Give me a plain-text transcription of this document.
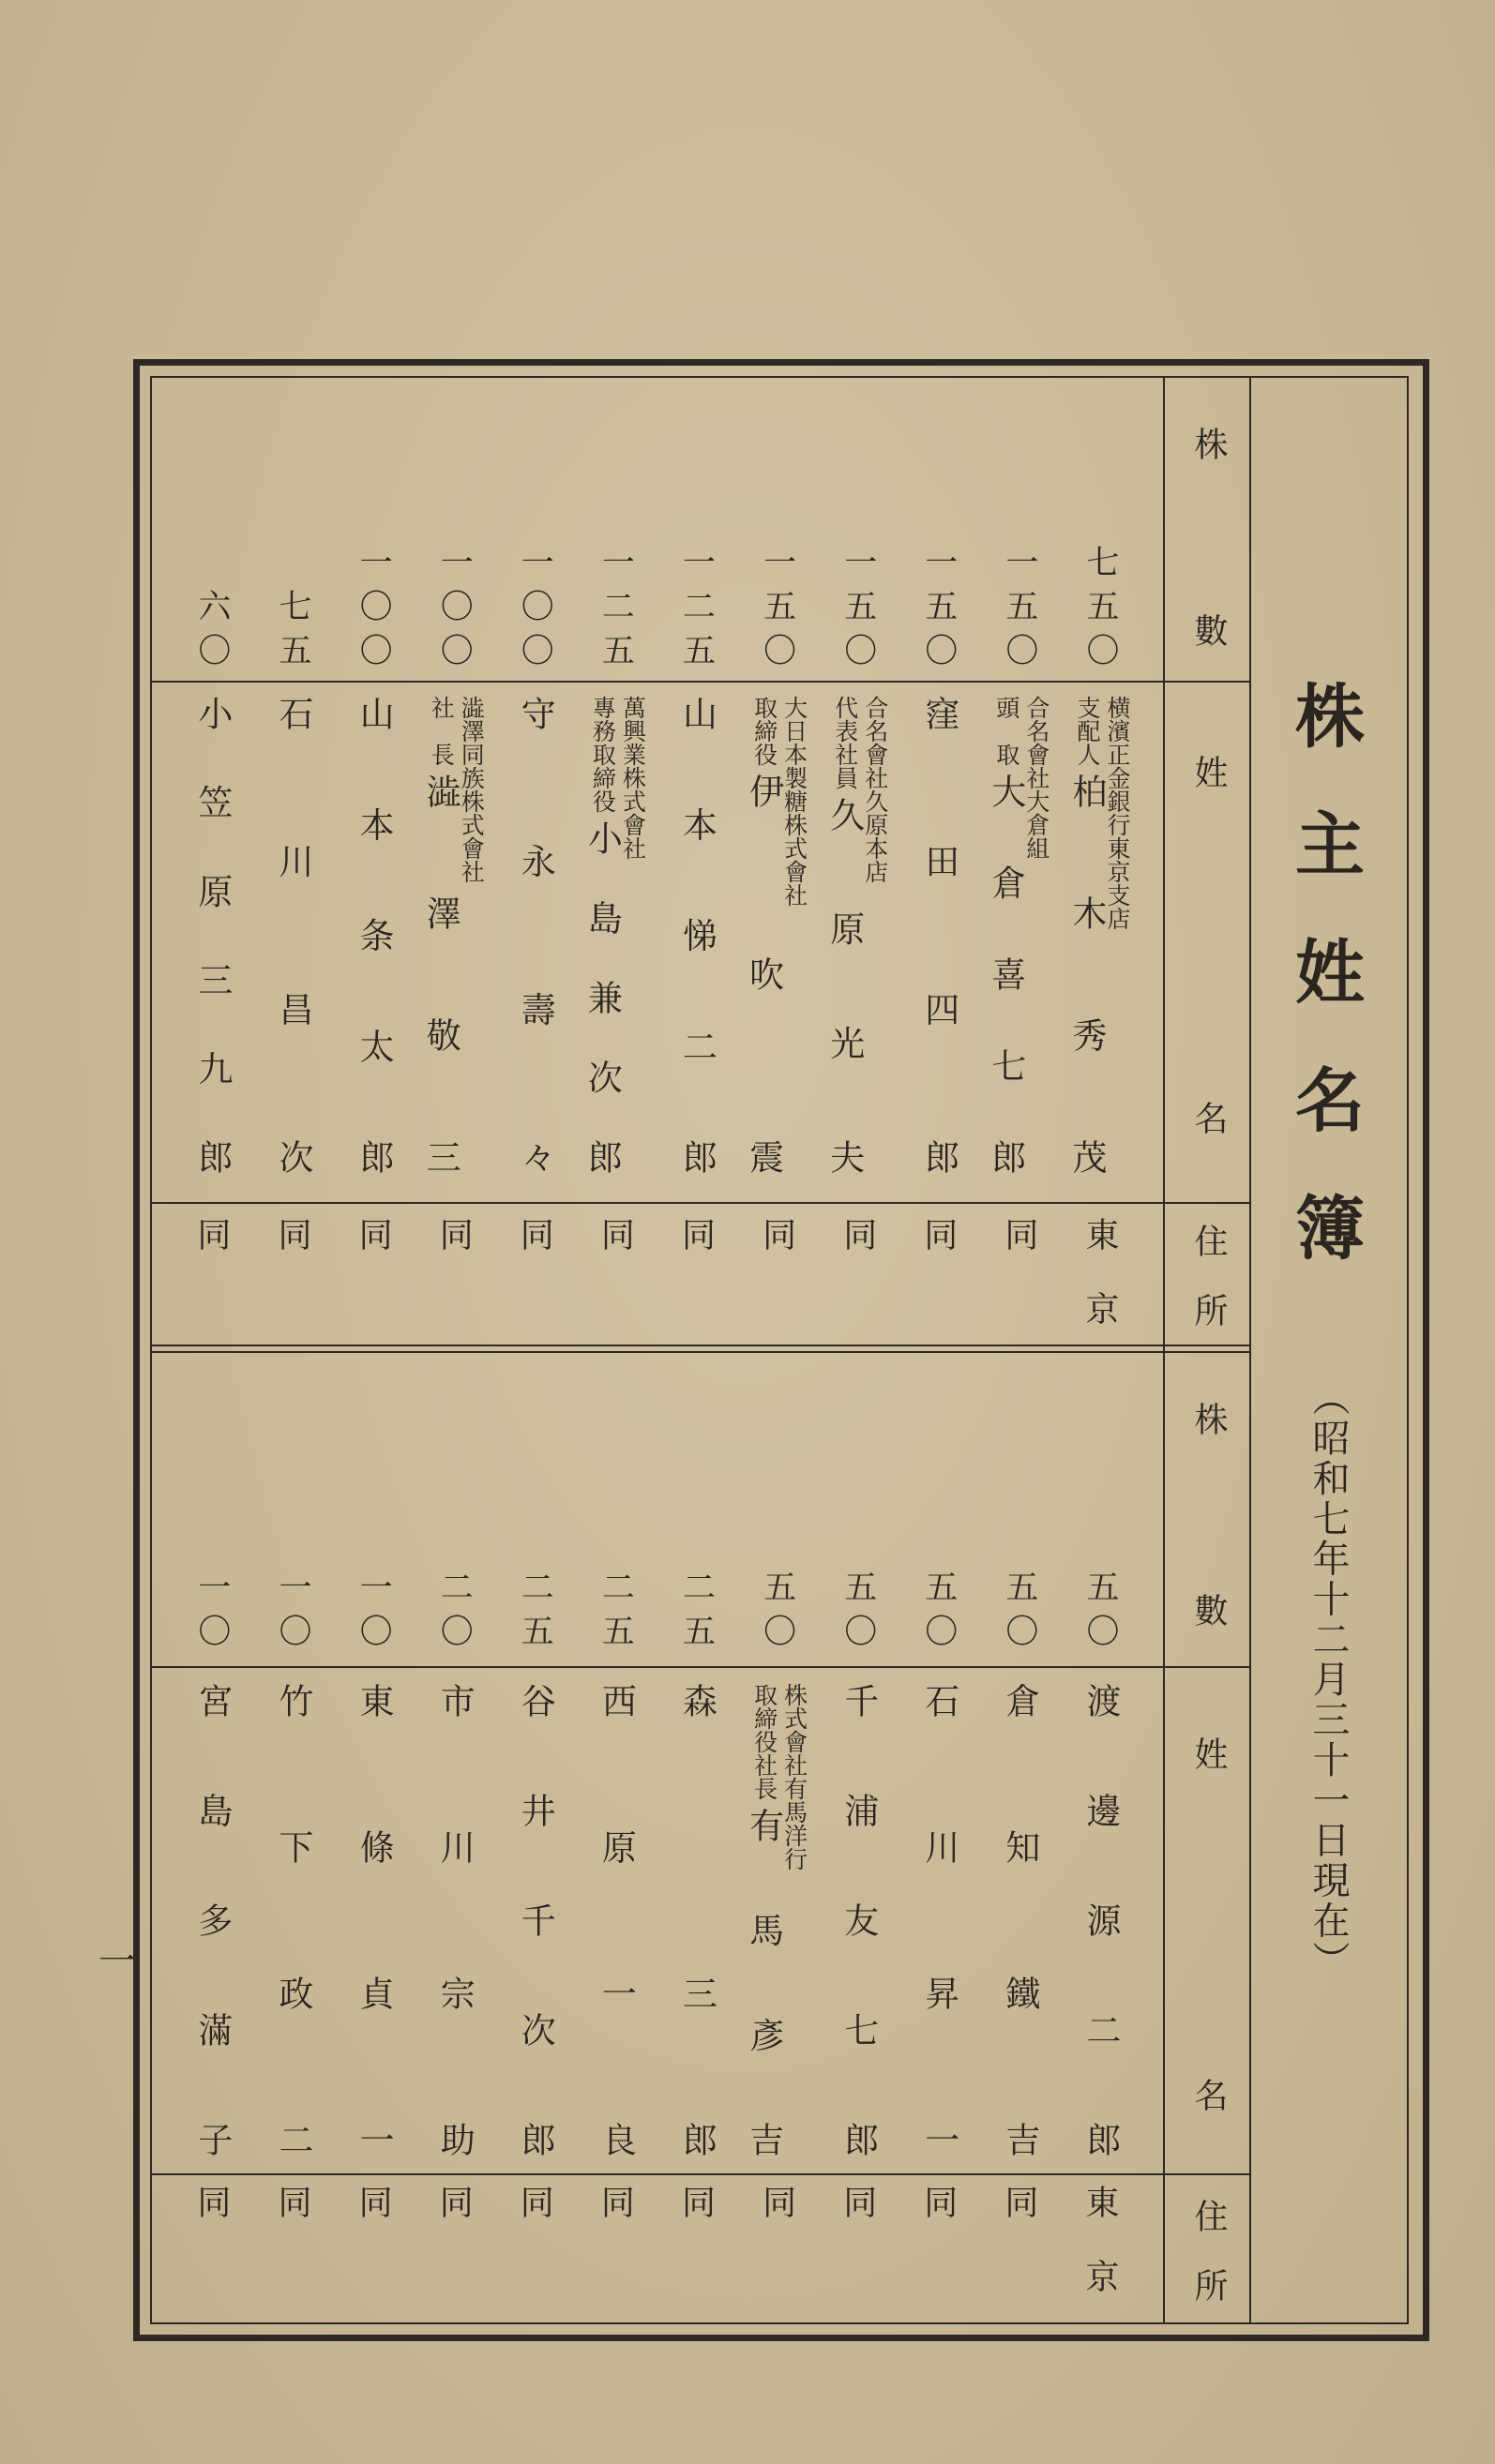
株主姓名簿
（昭和七年十二月三十一日現在）
株數
姓名
住所
株數
姓名
住所
一
七五〇
横濱正金銀行東京支店
支配人
柏木秀茂
東京
一五〇
合名會社大倉組
頭　取
大倉喜七郎
同
一五〇
窪田四郎
同
一五〇
合名會社久原本店
代表社員
久原光夫
同
一五〇
大日本製糖株式會社
取締役
伊吹震
同
一二五
山本悌二郎
同
一二五
萬興業株式會社
專務取締役
小島兼次郎
同
一〇〇
守永壽々
同
一〇〇
澁澤同族株式會社
社　長
澁澤敬三
同
一〇〇
山本条太郎
同
七五
石川昌次
同
六〇
小笠原三九郎
同
五〇
渡邊源二郎
東京
五〇
倉知鐵吉
同
五〇
石川昇一
同
五〇
千浦友七郎
同
五〇
株式會社有馬洋行
取締役社長
有馬彥吉
同
二五
森　三郎
同
二五
西原一良
同
二五
谷井千次郎
同
二〇
市川宗助
同
一〇
東條貞一
同
一〇
竹下政二
同
一〇
宮島多滿子
同
